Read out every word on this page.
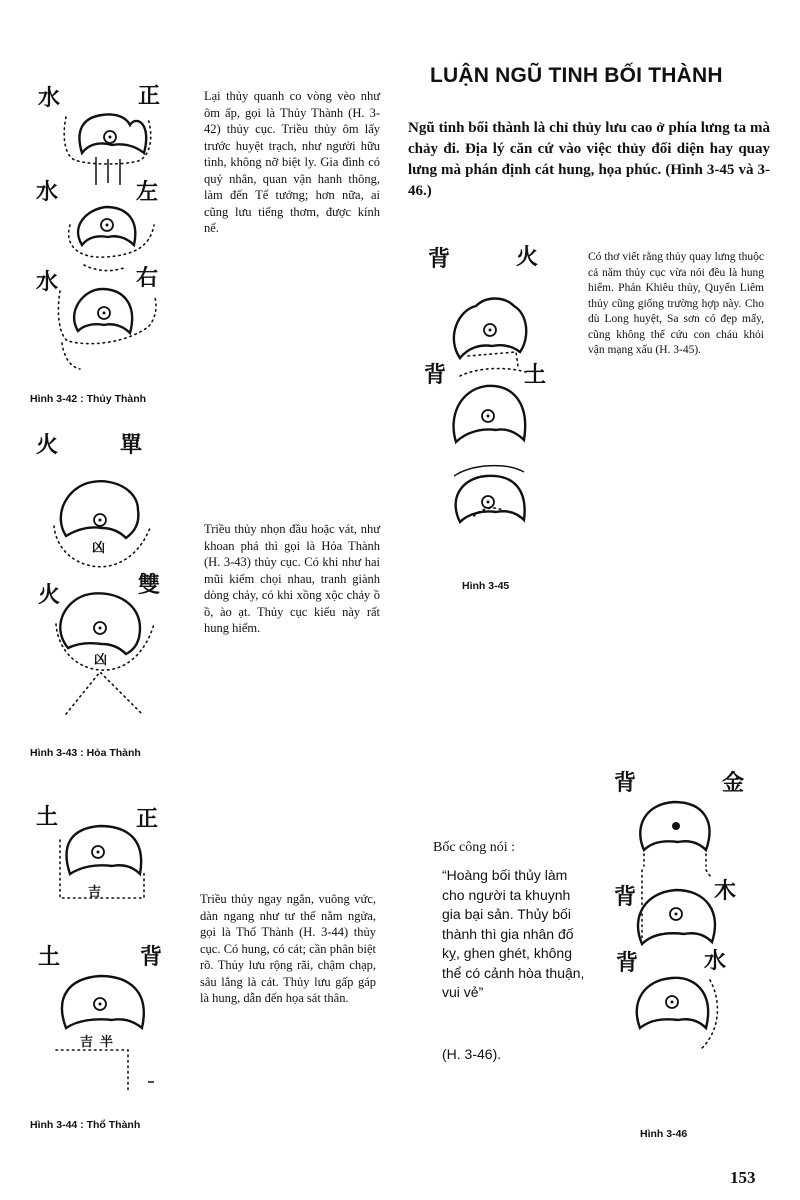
LUẬN NGŨ TINH BỐI THÀNH
Ngũ tinh bối thành là chỉ thủy lưu cao ở phía lưng ta mà chảy đi. Địa lý căn cứ vào việc thủy đối diện hay quay lưng mà phán định cát hung, họa phúc. (Hình 3-45 và 3-46.)
水	正
水	左
水	右
Lại thủy quanh co vòng vèo như ôm ấp, gọi là Thủy Thành (H. 3-42) thủy cục. Triều thủy ôm lấy trước huyệt trạch, như người hữu tình, không nỡ biệt ly. Gia đình có quý nhân, quan vận hanh thông, làm đến Tể tướng; hơn nữa, ai cũng lưu tiếng thơm, được kính nể.
Hình 3-42 : Thủy Thành
火	單
火	雙
凶
凶
Triều thủy nhọn đầu hoặc vát, như khoan phá thì gọi là Hỏa Thành (H. 3-43) thủy cục. Có khi như hai mũi kiếm chọi nhau, tranh giành dòng chảy, có khi xồng xộc chảy ồ ồ, ào ạt. Thủy cục kiểu này rất hung hiểm.
Hình 3-43 : Hỏa Thành
土	正
土	背
吉
吉 半
Triều thủy ngay ngắn, vuông vức, dàn ngang như tư thế nằm ngửa, gọi là Thổ Thành (H. 3-44) thủy cục. Có hung, có cát; cần phân biệt rõ. Thủy lưu rộng rãi, chậm chạp, sâu lắng là cát. Thủy lưu gấp gáp là hung, dẫn đến họa sát thân.
Hình 3-44 : Thổ Thành
背	火
背	土
Có thơ viết rằng thủy quay lưng thuộc cả năm thủy cục vừa nói đều là hung hiểm. Phản Khiêu thủy, Quyển Liêm thủy cũng giống trường hợp này. Cho dù Long huyệt, Sa sơn có đẹp mấy, cũng không thể cứu con cháu khỏi vận mạng xấu (H. 3-45).
Hình 3-45
背	金
背	木
背	水
Bốc công nói :
“Hoàng bối thủy làm cho người ta khuynh gia bại sản. Thủy bối thành thì gia nhân đố kỵ, ghen ghét, không thể có cảnh hòa thuận, vui vẻ”
(H. 3-46).
Hình 3-46
153
